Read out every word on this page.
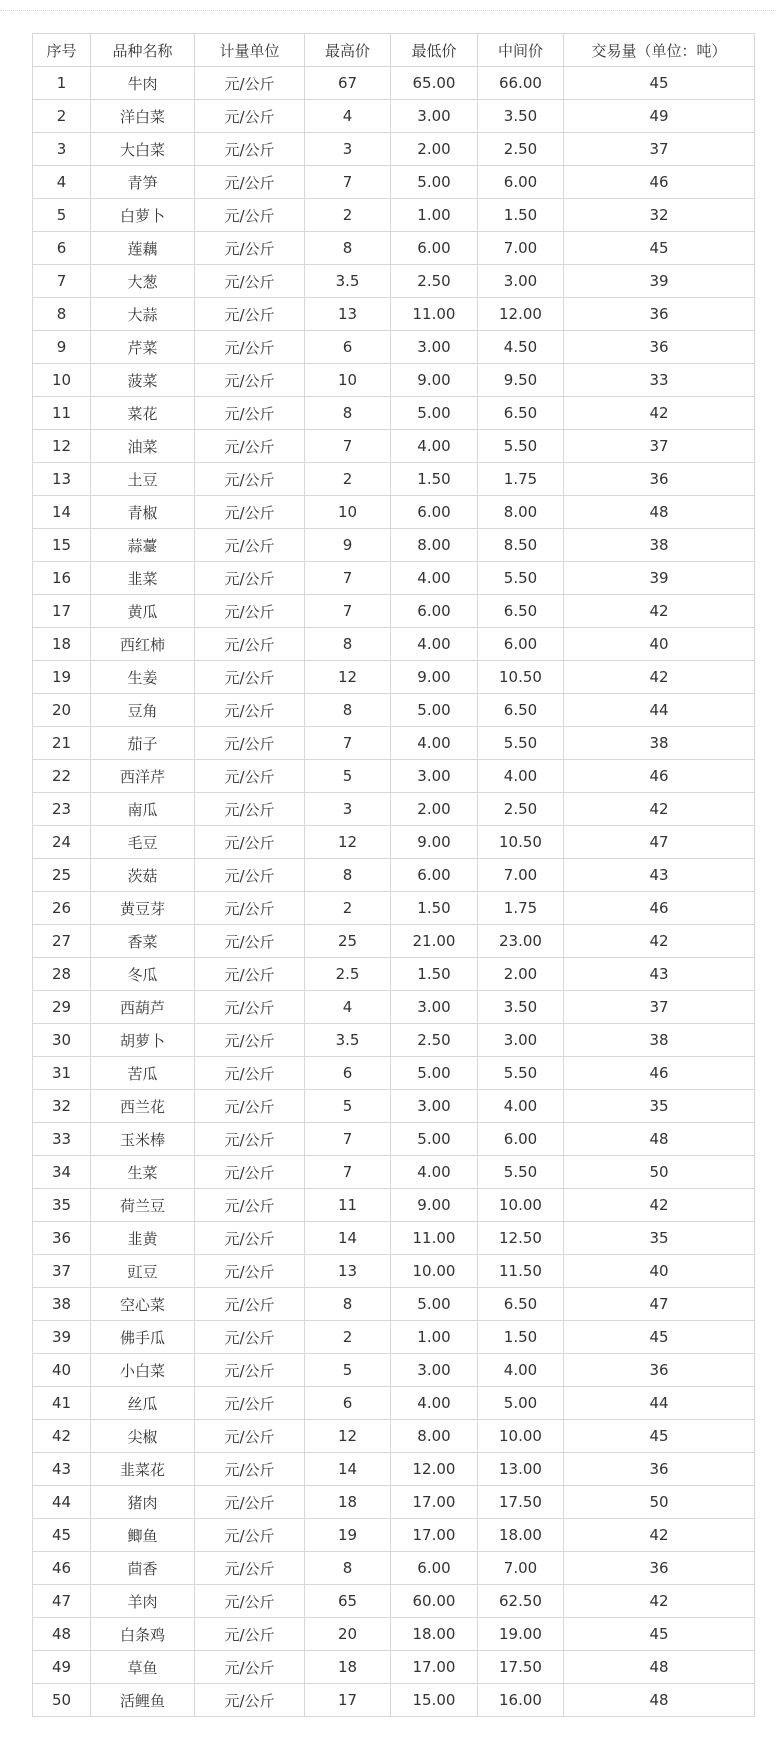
序号	品种名称	计量单位	最高价	最低价	中间价	交易量（单位：吨）
1	牛肉	元/公斤	67	65.00	66.00	45
2	洋白菜	元/公斤	4	3.00	3.50	49
3	大白菜	元/公斤	3	2.00	2.50	37
4	青笋	元/公斤	7	5.00	6.00	46
5	白萝卜	元/公斤	2	1.00	1.50	32
6	莲藕	元/公斤	8	6.00	7.00	45
7	大葱	元/公斤	3.5	2.50	3.00	39
8	大蒜	元/公斤	13	11.00	12.00	36
9	芹菜	元/公斤	6	3.00	4.50	36
10	菠菜	元/公斤	10	9.00	9.50	33
11	菜花	元/公斤	8	5.00	6.50	42
12	油菜	元/公斤	7	4.00	5.50	37
13	土豆	元/公斤	2	1.50	1.75	36
14	青椒	元/公斤	10	6.00	8.00	48
15	蒜薹	元/公斤	9	8.00	8.50	38
16	韭菜	元/公斤	7	4.00	5.50	39
17	黄瓜	元/公斤	7	6.00	6.50	42
18	西红柿	元/公斤	8	4.00	6.00	40
19	生姜	元/公斤	12	9.00	10.50	42
20	豆角	元/公斤	8	5.00	6.50	44
21	茄子	元/公斤	7	4.00	5.50	38
22	西洋芹	元/公斤	5	3.00	4.00	46
23	南瓜	元/公斤	3	2.00	2.50	42
24	毛豆	元/公斤	12	9.00	10.50	47
25	茨菇	元/公斤	8	6.00	7.00	43
26	黄豆芽	元/公斤	2	1.50	1.75	46
27	香菜	元/公斤	25	21.00	23.00	42
28	冬瓜	元/公斤	2.5	1.50	2.00	43
29	西葫芦	元/公斤	4	3.00	3.50	37
30	胡萝卜	元/公斤	3.5	2.50	3.00	38
31	苦瓜	元/公斤	6	5.00	5.50	46
32	西兰花	元/公斤	5	3.00	4.00	35
33	玉米棒	元/公斤	7	5.00	6.00	48
34	生菜	元/公斤	7	4.00	5.50	50
35	荷兰豆	元/公斤	11	9.00	10.00	42
36	韭黄	元/公斤	14	11.00	12.50	35
37	豇豆	元/公斤	13	10.00	11.50	40
38	空心菜	元/公斤	8	5.00	6.50	47
39	佛手瓜	元/公斤	2	1.00	1.50	45
40	小白菜	元/公斤	5	3.00	4.00	36
41	丝瓜	元/公斤	6	4.00	5.00	44
42	尖椒	元/公斤	12	8.00	10.00	45
43	韭菜花	元/公斤	14	12.00	13.00	36
44	猪肉	元/公斤	18	17.00	17.50	50
45	鲫鱼	元/公斤	19	17.00	18.00	42
46	茴香	元/公斤	8	6.00	7.00	36
47	羊肉	元/公斤	65	60.00	62.50	42
48	白条鸡	元/公斤	20	18.00	19.00	45
49	草鱼	元/公斤	18	17.00	17.50	48
50	活鲤鱼	元/公斤	17	15.00	16.00	48
